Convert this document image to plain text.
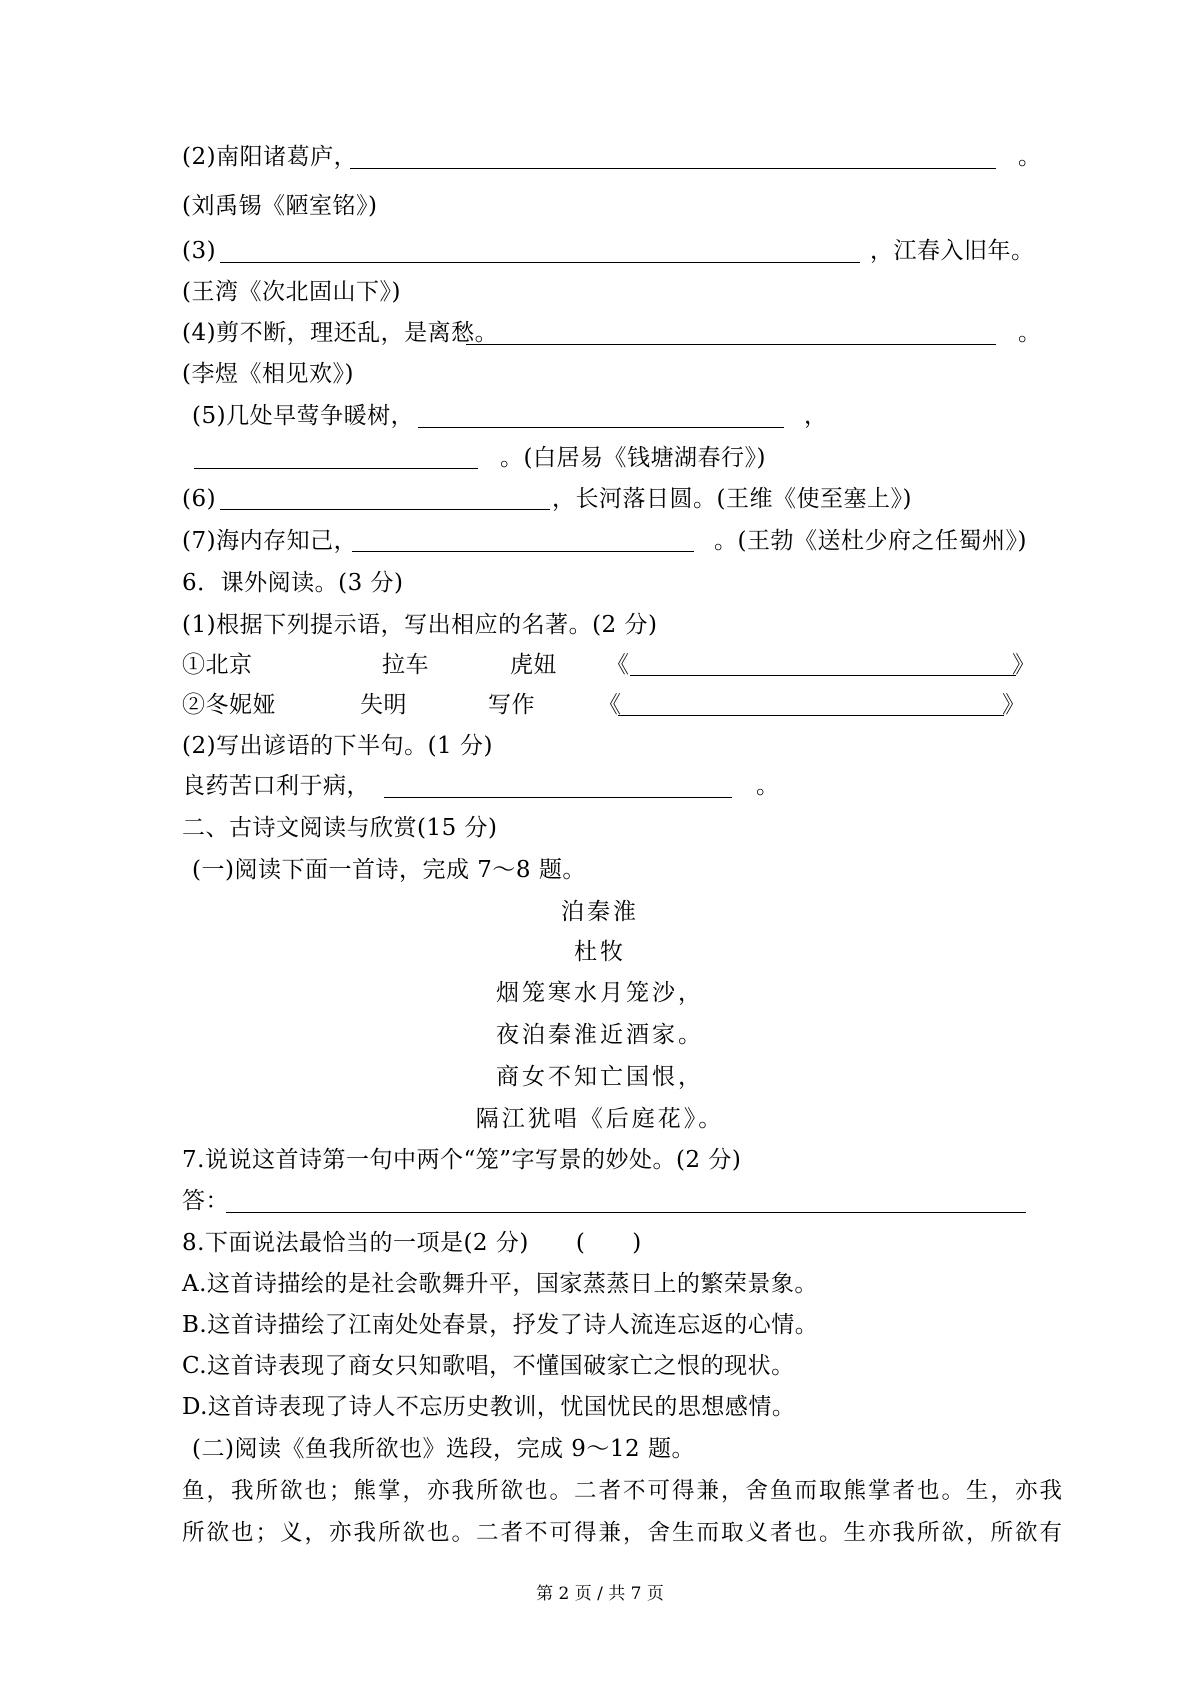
(2)南阳诸葛庐，	。
(刘禹锡《陋室铭》)
(3)	，江春入旧年。
(王湾《次北固山下》)
(4)剪不断，理还乱，是离愁。	。
(李煜《相见欢》)
(5)几处早莺争暖树，	，
。(白居易《钱塘湖春行》)
(6)	，长河落日圆。(王维《使至塞上》)
(7)海内存知己，	。(王勃《送杜少府之任蜀州》)
6．课外阅读。(3 分)
(1)根据下列提示语，写出相应的名著。(2 分)
①北京	拉车	虎妞 《	》
②冬妮娅	失明	写作	《	》
(2)写出谚语的下半句。(1 分)
良药苦口利于病，	。
二、古诗文阅读与欣赏(15 分)
(一)阅读下面一首诗，完成 7～8 题。
泊秦淮
杜牧
烟笼寒水月笼沙，
夜泊秦淮近酒家。
商女不知亡国恨，
隔江犹唱《后庭花》。
7.说说这首诗第一句中两个“笼”字写景的妙处。(2 分)
答：
8.下面说法最恰当的一项是(2 分)　　(　　)
A.这首诗描绘的是社会歌舞升平，国家蒸蒸日上的繁荣景象。
B.这首诗描绘了江南处处春景，抒发了诗人流连忘返的心情。
C.这首诗表现了商女只知歌唱，不懂国破家亡之恨的现状。
D.这首诗表现了诗人不忘历史教训，忧国忧民的思想感情。
(二)阅读《鱼我所欲也》选段，完成 9～12 题。
鱼，我所欲也；熊掌，亦我所欲也。二者不可得兼，舍鱼而取熊掌者也。生，亦我
所欲也；义，亦我所欲也。二者不可得兼，舍生而取义者也。生亦我所欲，所欲有
第 2 页 / 共 7 页
